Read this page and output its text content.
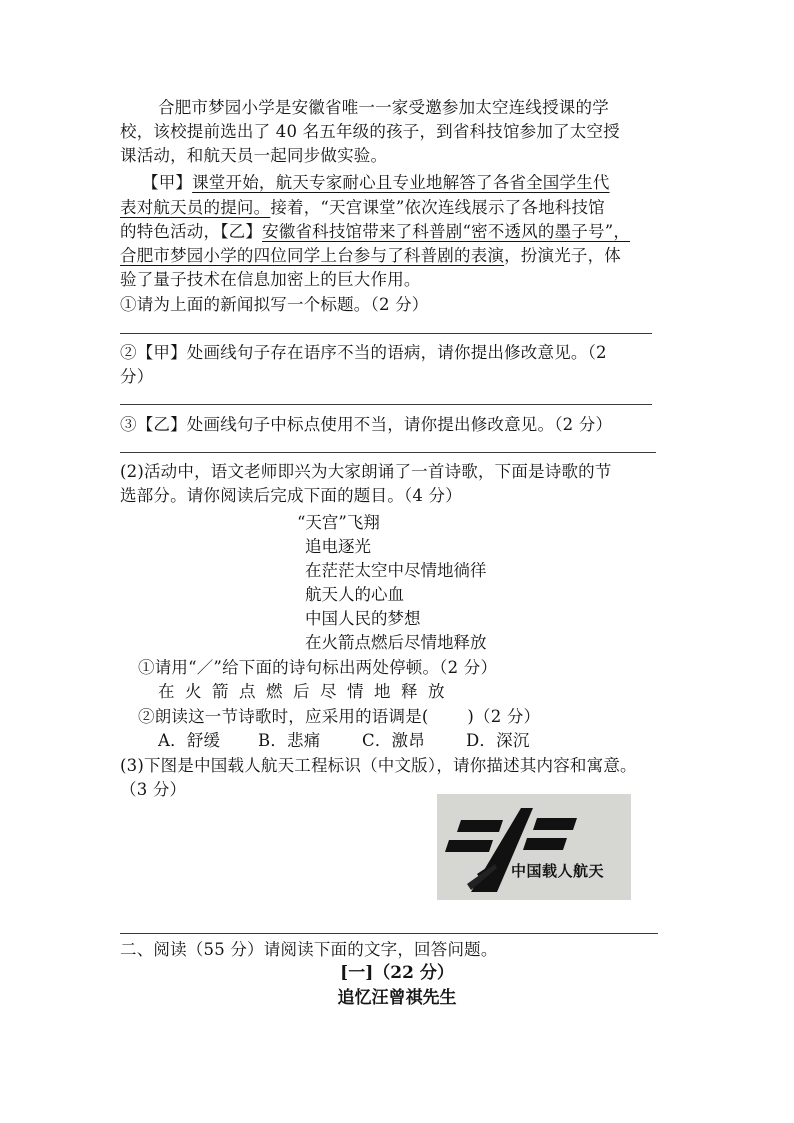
合肥市梦园小学是安徽省唯一一家受邀参加太空连线授课的学
校，该校提前选出了 40 名五年级的孩子，到省科技馆参加了太空授
课活动，和航天员一起同步做实验。
【甲】课堂开始，航天专家耐心且专业地解答了各省全国学生代
表对航天员的提问。接着，“天宫课堂”依次连线展示了各地科技馆
的特色活动，【乙】安徽省科技馆带来了科普剧“密不透风的墨子号”，
合肥市梦园小学的四位同学上台参与了科普剧的表演，扮演光子，体
验了量子技术在信息加密上的巨大作用。
①请为上面的新闻拟写一个标题。（2 分）
②【甲】处画线句子存在语序不当的语病，请你提出修改意见。（2
分）
③【乙】处画线句子中标点使用不当，请你提出修改意见。（2 分）
(2)活动中，语文老师即兴为大家朗诵了一首诗歌，下面是诗歌的节
选部分。请你阅读后完成下面的题目。（4 分）
“天宫”飞翔
追电逐光
在茫茫太空中尽情地徜徉
航天人的心血
中国人民的梦想
在火箭点燃后尽情地释放
①请用“／”给下面的诗句标出两处停顿。（2 分）
在火箭点燃后尽情地释放
②朗读这一节诗歌时，应采用的语调是(　　 )（2 分）
A．舒缓 B．悲痛	C．激昂 D．深沉
(3)下图是中国载人航天工程标识（中文版），请你描述其内容和寓意。
（3 分）
中国载人航天
二、阅读（55 分）请阅读下面的文字，回答问题。
[一]（22 分）
追忆汪曾祺先生
